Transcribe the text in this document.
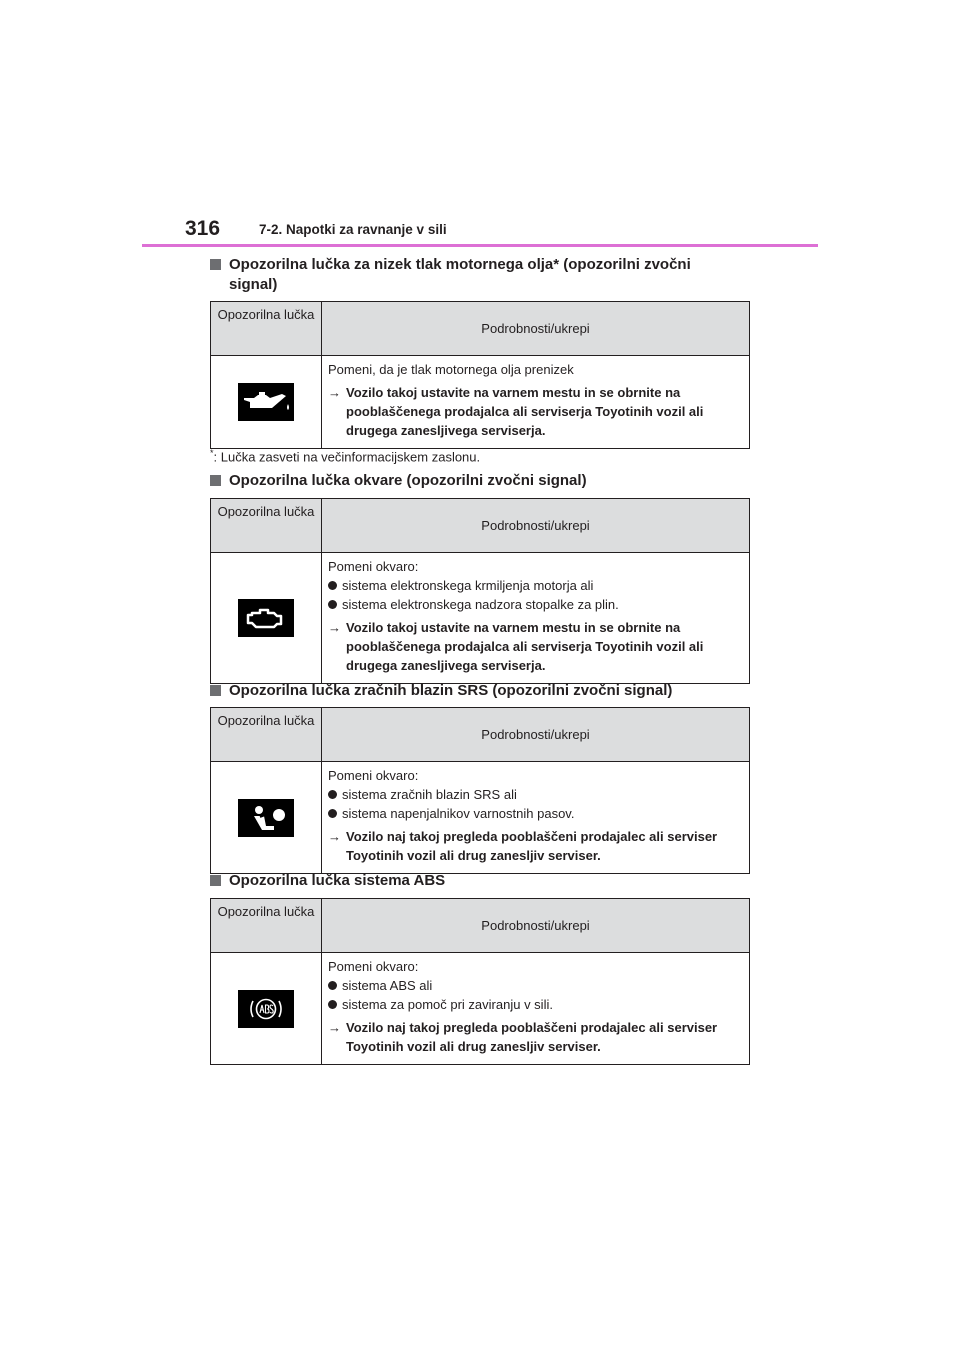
316	7-2. Napotki za ravnanje v sili
Opozorilna lučka za nizek tlak motornega olja* (opozorilni zvočni signal)
Opozorilna lučka	Podrobnosti/ukrepi

Pomeni, da je tlak motornega olja prenizek
→ Vozilo takoj ustavite na varnem mestu in se obrnite na pooblaščenega prodajalca ali serviserja Toyotinih vozil ali drugega zanesljivega serviserja.
*: Lučka zasveti na večinformacijskem zaslonu.
Opozorilna lučka okvare (opozorilni zvočni signal)
Opozorilna lučka	Podrobnosti/ukrepi

Pomeni okvaro:
sistema elektronskega krmiljenja motorja ali
sistema elektronskega nadzora stopalke za plin.
→ Vozilo takoj ustavite na varnem mestu in se obrnite na pooblaščenega prodajalca ali serviserja Toyotinih vozil ali drugega zanesljivega serviserja.
Opozorilna lučka zračnih blazin SRS (opozorilni zvočni signal)
Opozorilna lučka	Podrobnosti/ukrepi

Pomeni okvaro:
sistema zračnih blazin SRS ali
sistema napenjalnikov varnostnih pasov.
→ Vozilo naj takoj pregleda pooblaščeni prodajalec ali serviser Toyotinih vozil ali drug zanesljiv serviser.
Opozorilna lučka sistema ABS
Opozorilna lučka	Podrobnosti/ukrepi

Pomeni okvaro:
sistema ABS ali
sistema za pomoč pri zaviranju v sili.
→ Vozilo naj takoj pregleda pooblaščeni prodajalec ali serviser Toyotinih vozil ali drug zanesljiv serviser.
